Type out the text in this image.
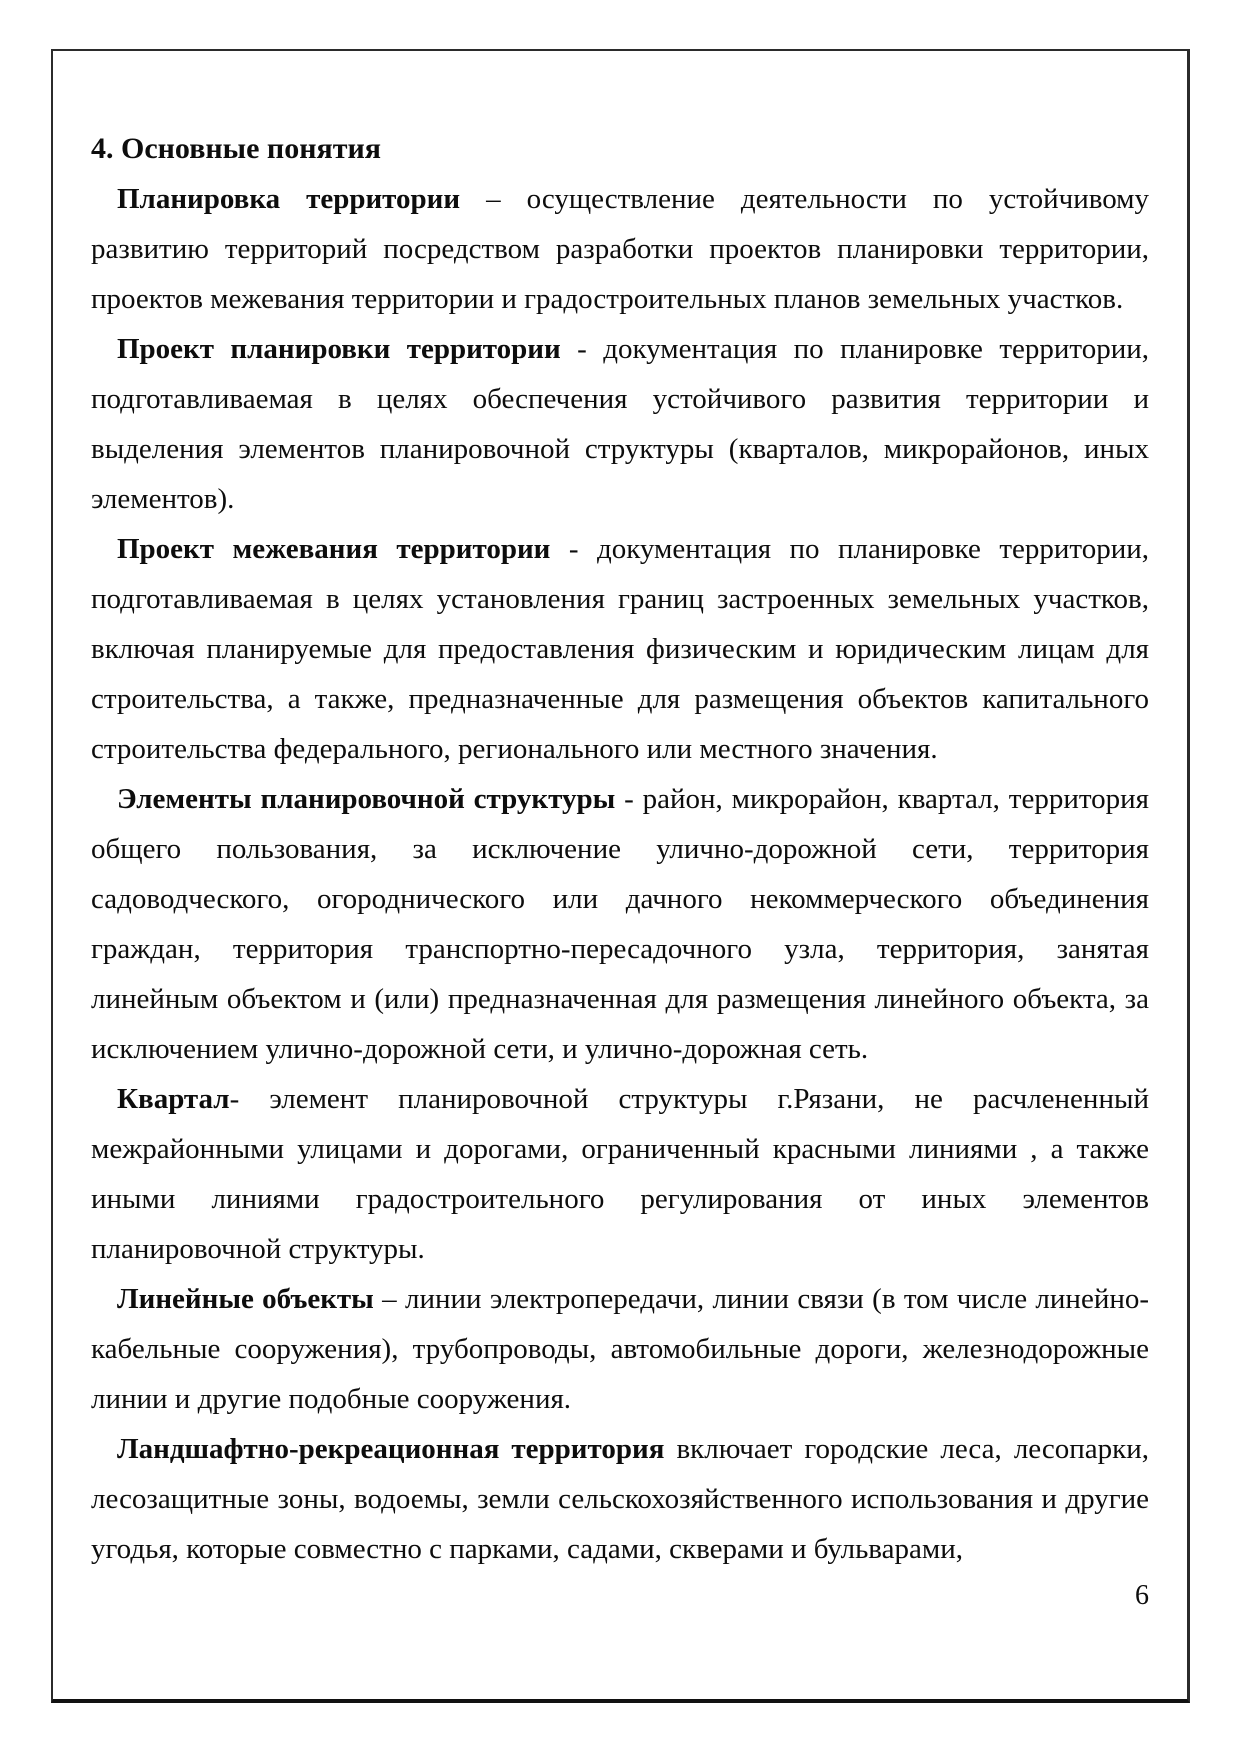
4. Основные понятия

Планировка территории – осуществление деятельности по устойчивому развитию территорий посредством разработки проектов планировки территории, проектов межевания территории и градостроительных планов земельных участков.

Проект планировки территории - документация по планировке территории, подготавливаемая в целях обеспечения устойчивого развития территории и выделения элементов планировочной структуры (кварталов, микрорайонов, иных элементов).

Проект межевания территории - документация по планировке территории, подготавливаемая в целях установления границ застроенных земельных участков, включая планируемые для предоставления физическим и юридическим лицам для строительства, а также, предназначенные для размещения объектов капитального строительства федерального, регионального или местного значения.

Элементы планировочной структуры - район, микрорайон, квартал, территория общего пользования, за исключение улично-дорожной сети, территория садоводческого, огороднического или дачного некоммерческого объединения граждан, территория транспортно-пересадочного узла, территория, занятая линейным объектом и (или) предназначенная для размещения линейного объекта, за исключением улично-дорожной сети, и улично-дорожная сеть.

Квартал- элемент планировочной структуры г.Рязани, не расчлененный межрайонными улицами и дорогами, ограниченный красными линиями , а также иными линиями градостроительного регулирования от иных элементов планировочной структуры.

Линейные объекты – линии электропередачи, линии связи (в том числе линейно-кабельные сооружения), трубопроводы, автомобильные дороги, железнодорожные линии и другие подобные сооружения.

Ландшафтно-рекреационная территория включает городские леса, лесопарки, лесозащитные зоны, водоемы, земли сельскохозяйственного использования и другие угодья, которые совместно с парками, садами, скверами и бульварами,

6
